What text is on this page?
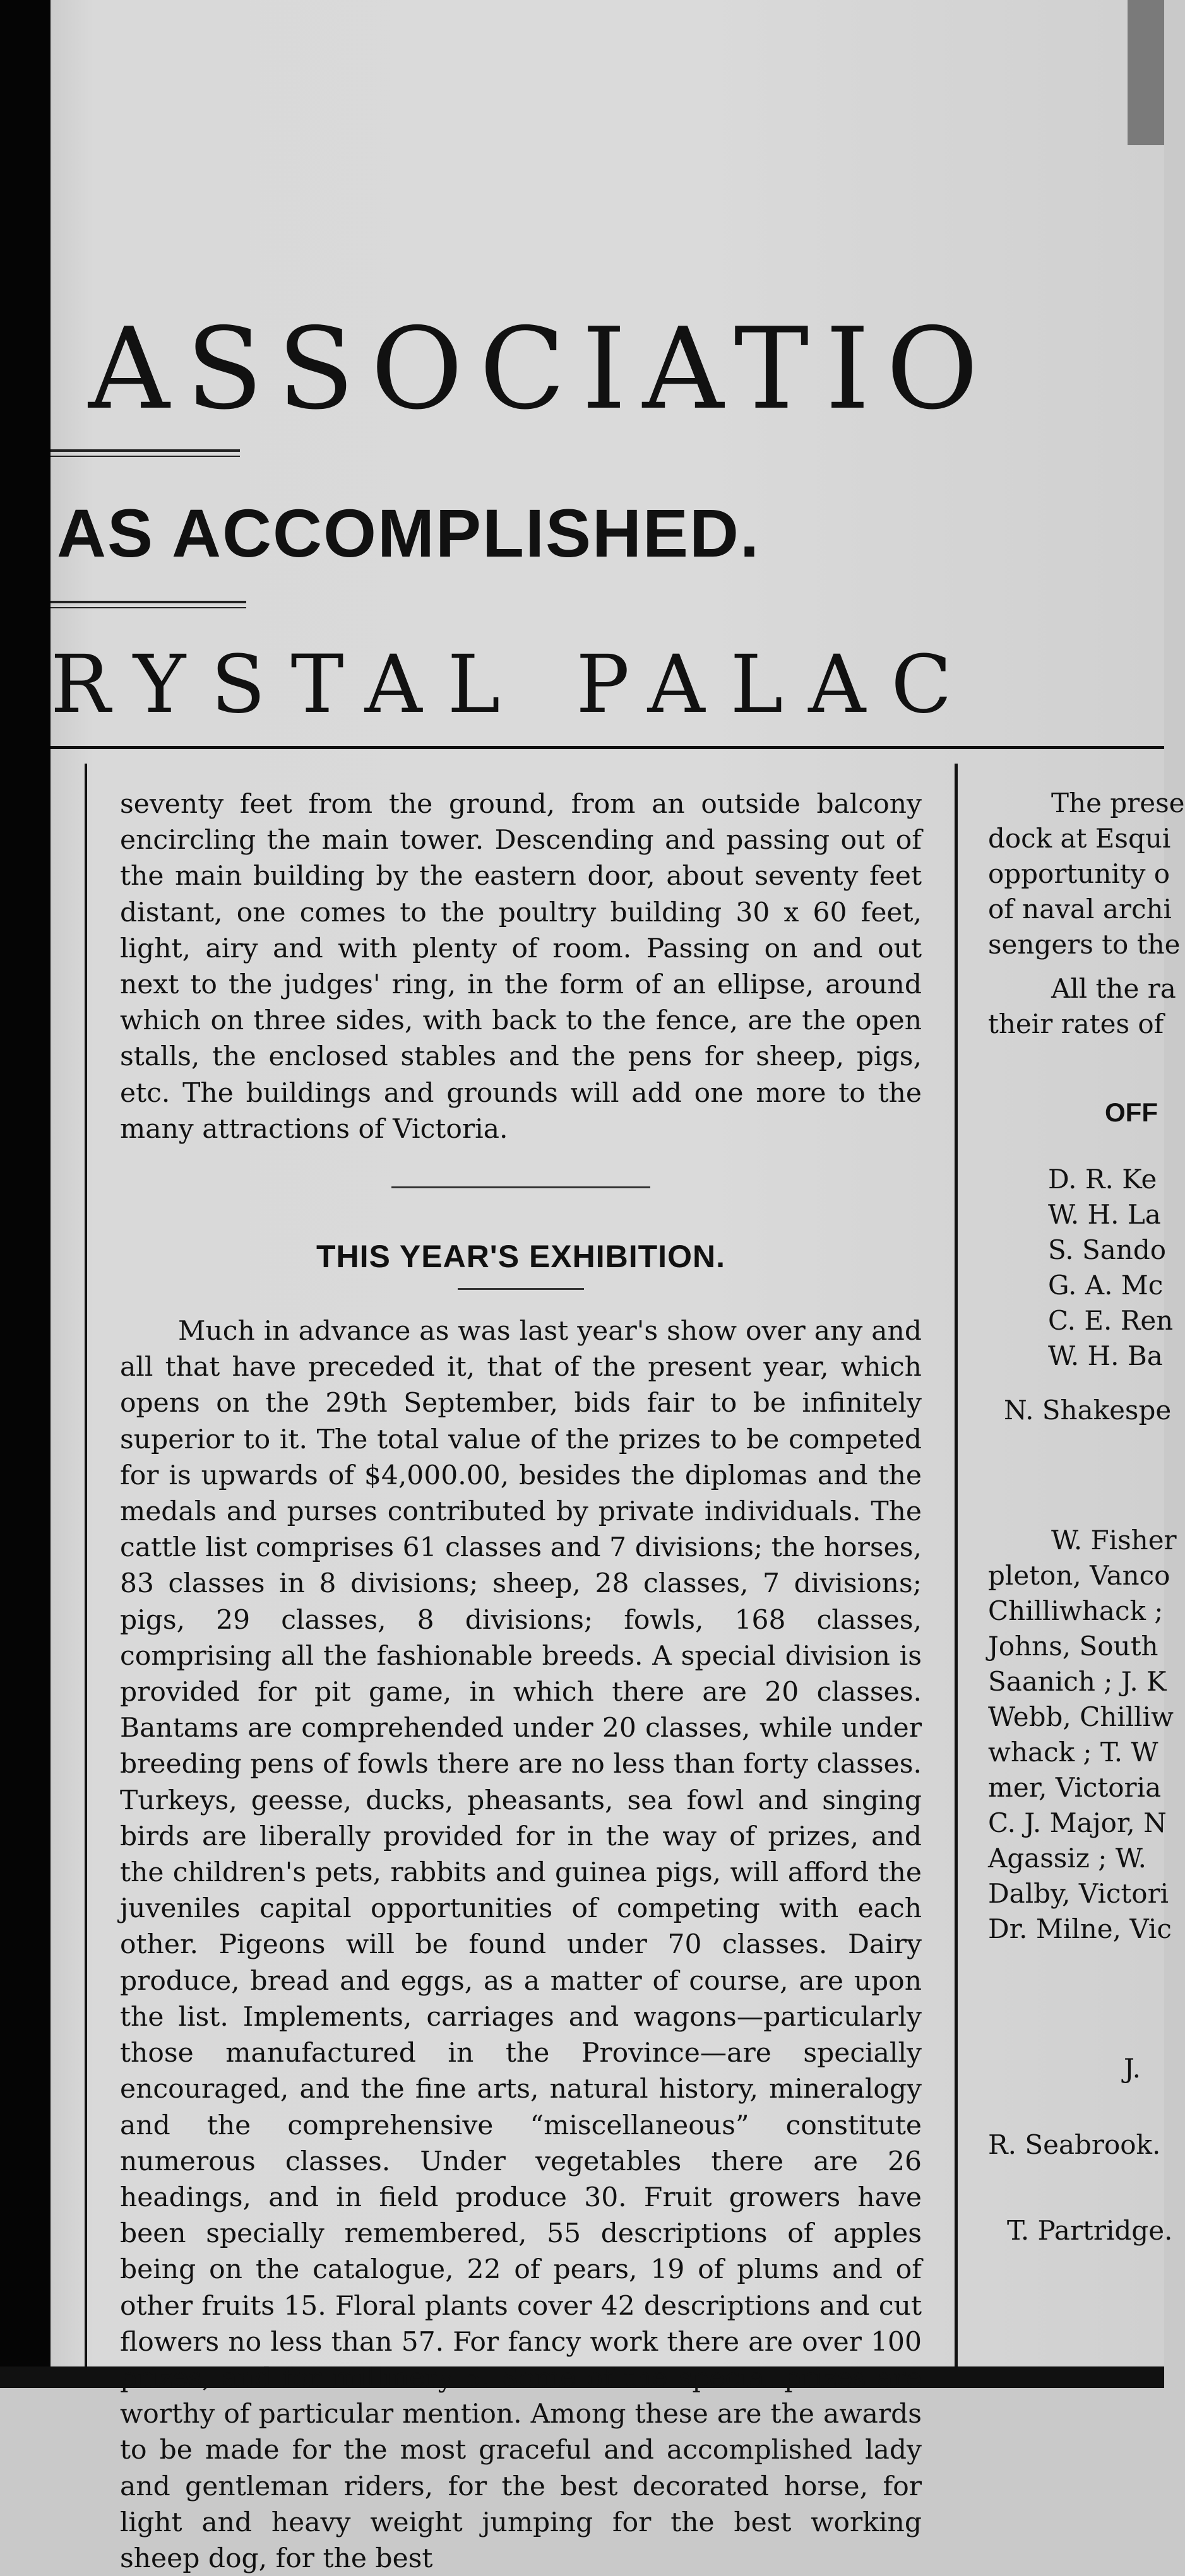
ASSOCIATIO
AS ACCOMPLISHED.
RYSTAL PALAC

seventy feet from the ground, from an outside balcony encircling the main tower. Descending and passing out of the main building by the eastern door, about seventy feet distant, one comes to the poultry building 30 x 60 feet, light, airy and with plenty of room. Passing on and out next to the judges' ring, in the form of an ellipse, around which on three sides, with back to the fence, are the open stalls, the enclosed stables and the pens for sheep, pigs, etc. The buildings and grounds will add one more to the many attractions of Victoria.

THIS YEAR'S EXHIBITION.

Much in advance as was last year's show over any and all that have preceded it, that of the present year, which opens on the 29th September, bids fair to be infinitely superior to it. The total value of the prizes to be competed for is upwards of $4,000.00, besides the diplomas and the medals and purses contributed by private individuals. The cattle list comprises 61 classes and 7 divisions; the horses, 83 classes in 8 divisions; sheep, 28 classes, 7 divisions; pigs, 29 classes, 8 divisions; fowls, 168 classes, comprising all the fashionable breeds. A special division is provided for pit game, in which there are 20 classes. Bantams are comprehended under 20 classes, while under breeding pens of fowls there are no less than forty classes. Turkeys, geesse, ducks, pheasants, sea fowl and singing birds are liberally provided for in the way of prizes, and the children's pets, rabbits and guinea pigs, will afford the juveniles capital opportunities of competing with each other. Pigeons will be found under 70 classes. Dairy produce, bread and eggs, as a matter of course, are upon the list. Implements, carriages and wagons—particularly those manufactured in the Province—are specially encouraged, and the fine arts, natural history, mineralogy and the comprehensive “miscellaneous” constitute numerous classes. Under vegetables there are 26 headings, and in field produce 30. Fruit growers have been specially remembered, 55 descriptions of apples being on the catalogue, 22 of pears, 19 of plums and of other fruits 15. Floral plants cover 42 descriptions and cut flowers no less than 57. For fancy work there are over 100 prizes, and for millinery 5. Some of the special prizes are worthy of particular mention. Among these are the awards to be made for the most graceful and accomplished lady and gentleman riders, for the best decorated horse, for light and heavy weight jumping for the best working sheep dog, for the best

The prese
dock at Esqui
opportunity o
of naval archi
sengers to the
All the ra
their rates of
OFF
D. R. Ke
W. H. La
S. Sando
G. A. Mc
C. E. Ren
W. H. Ba
N. Shakespe
W. Fisher
pleton, Vanco
Chilliwhack ;
Johns, South
Saanich ; J. K
Webb, Chilliw
whack ; T. W
mer, Victoria
C. J. Major, N
Agassiz ; W.
Dalby, Victori
Dr. Milne, Vic
J.
R. Seabrook.
T. Partridge.
